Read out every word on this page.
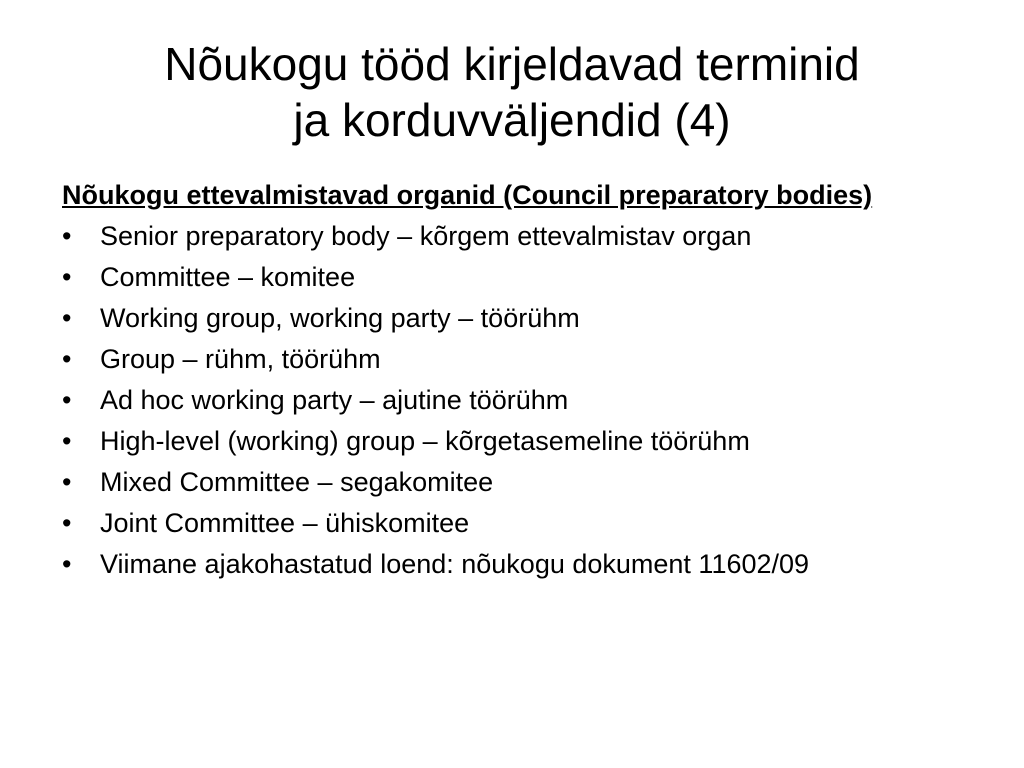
Nõukogu tööd kirjeldavad terminid
ja korduvväljendid (4)

Nõukogu ettevalmistavad organid (Council preparatory bodies)

• Senior preparatory body – kõrgem ettevalmistav organ
• Committee – komitee
• Working group, working party – töörühm
• Group – rühm, töörühm
• Ad hoc working party – ajutine töörühm
• High-level (working) group – kõrgetasemeline töörühm
• Mixed Committee – segakomitee
• Joint Committee – ühiskomitee
• Viimane ajakohastatud loend: nõukogu dokument 11602/09
